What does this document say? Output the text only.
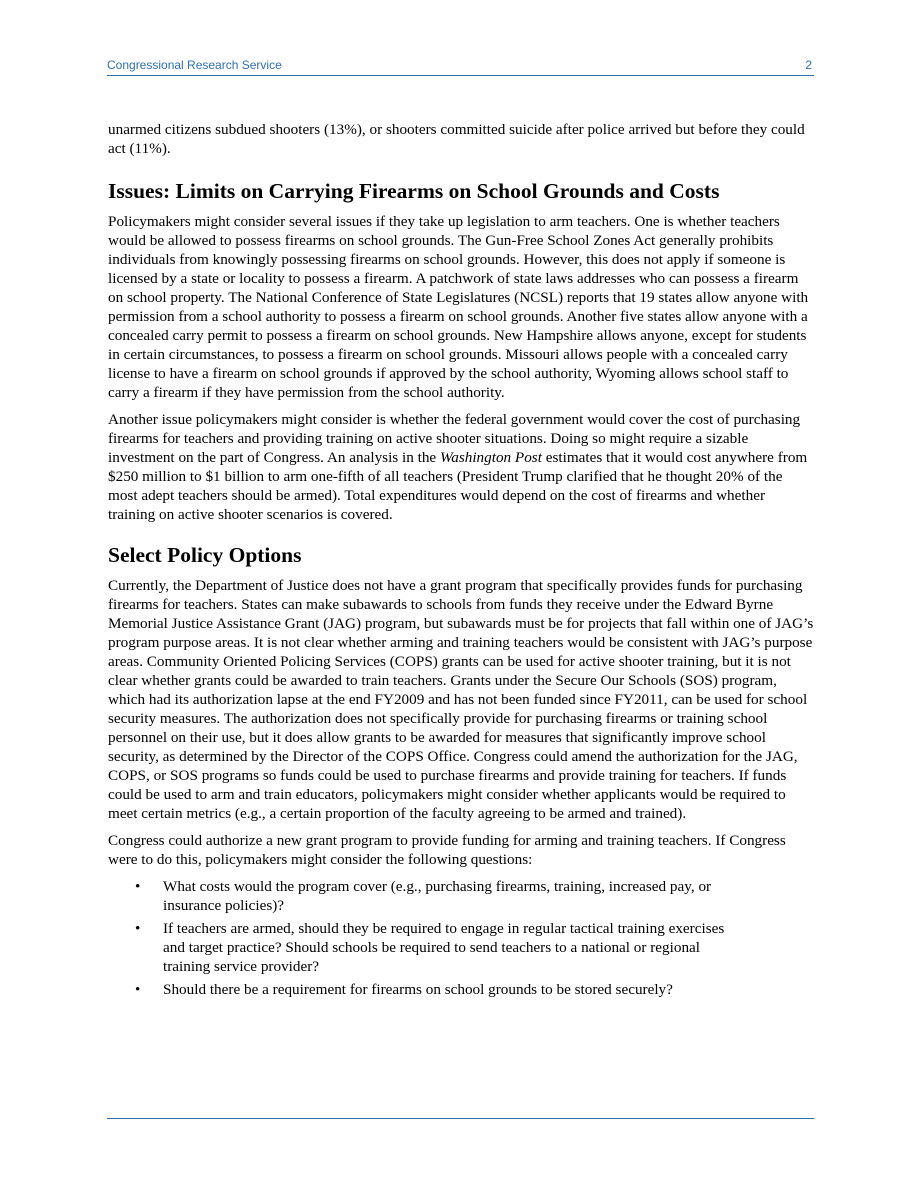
Congressional Research Service	2

unarmed citizens subdued shooters (13%), or shooters committed suicide after police arrived but before they could act (11%).

Issues: Limits on Carrying Firearms on School Grounds and Costs

Policymakers might consider several issues if they take up legislation to arm teachers. One is whether teachers would be allowed to possess firearms on school grounds. The Gun-Free School Zones Act generally prohibits individuals from knowingly possessing firearms on school grounds. However, this does not apply if someone is licensed by a state or locality to possess a firearm. A patchwork of state laws addresses who can possess a firearm on school property. The National Conference of State Legislatures (NCSL) reports that 19 states allow anyone with permission from a school authority to possess a firearm on school grounds. Another five states allow anyone with a concealed carry permit to possess a firearm on school grounds. New Hampshire allows anyone, except for students in certain circumstances, to possess a firearm on school grounds. Missouri allows people with a concealed carry license to have a firearm on school grounds if approved by the school authority, Wyoming allows school staff to carry a firearm if they have permission from the school authority.

Another issue policymakers might consider is whether the federal government would cover the cost of purchasing firearms for teachers and providing training on active shooter situations. Doing so might require a sizable investment on the part of Congress. An analysis in the Washington Post estimates that it would cost anywhere from $250 million to $1 billion to arm one-fifth of all teachers (President Trump clarified that he thought 20% of the most adept teachers should be armed). Total expenditures would depend on the cost of firearms and whether training on active shooter scenarios is covered.

Select Policy Options

Currently, the Department of Justice does not have a grant program that specifically provides funds for purchasing firearms for teachers. States can make subawards to schools from funds they receive under the Edward Byrne Memorial Justice Assistance Grant (JAG) program, but subawards must be for projects that fall within one of JAG’s program purpose areas. It is not clear whether arming and training teachers would be consistent with JAG’s purpose areas. Community Oriented Policing Services (COPS) grants can be used for active shooter training, but it is not clear whether grants could be awarded to train teachers. Grants under the Secure Our Schools (SOS) program, which had its authorization lapse at the end FY2009 and has not been funded since FY2011, can be used for school security measures. The authorization does not specifically provide for purchasing firearms or training school personnel on their use, but it does allow grants to be awarded for measures that significantly improve school security, as determined by the Director of the COPS Office. Congress could amend the authorization for the JAG, COPS, or SOS programs so funds could be used to purchase firearms and provide training for teachers. If funds could be used to arm and train educators, policymakers might consider whether applicants would be required to meet certain metrics (e.g., a certain proportion of the faculty agreeing to be armed and trained).

Congress could authorize a new grant program to provide funding for arming and training teachers. If Congress were to do this, policymakers might consider the following questions:

• What costs would the program cover (e.g., purchasing firearms, training, increased pay, or insurance policies)?
• If teachers are armed, should they be required to engage in regular tactical training exercises and target practice? Should schools be required to send teachers to a national or regional training service provider?
• Should there be a requirement for firearms on school grounds to be stored securely?
